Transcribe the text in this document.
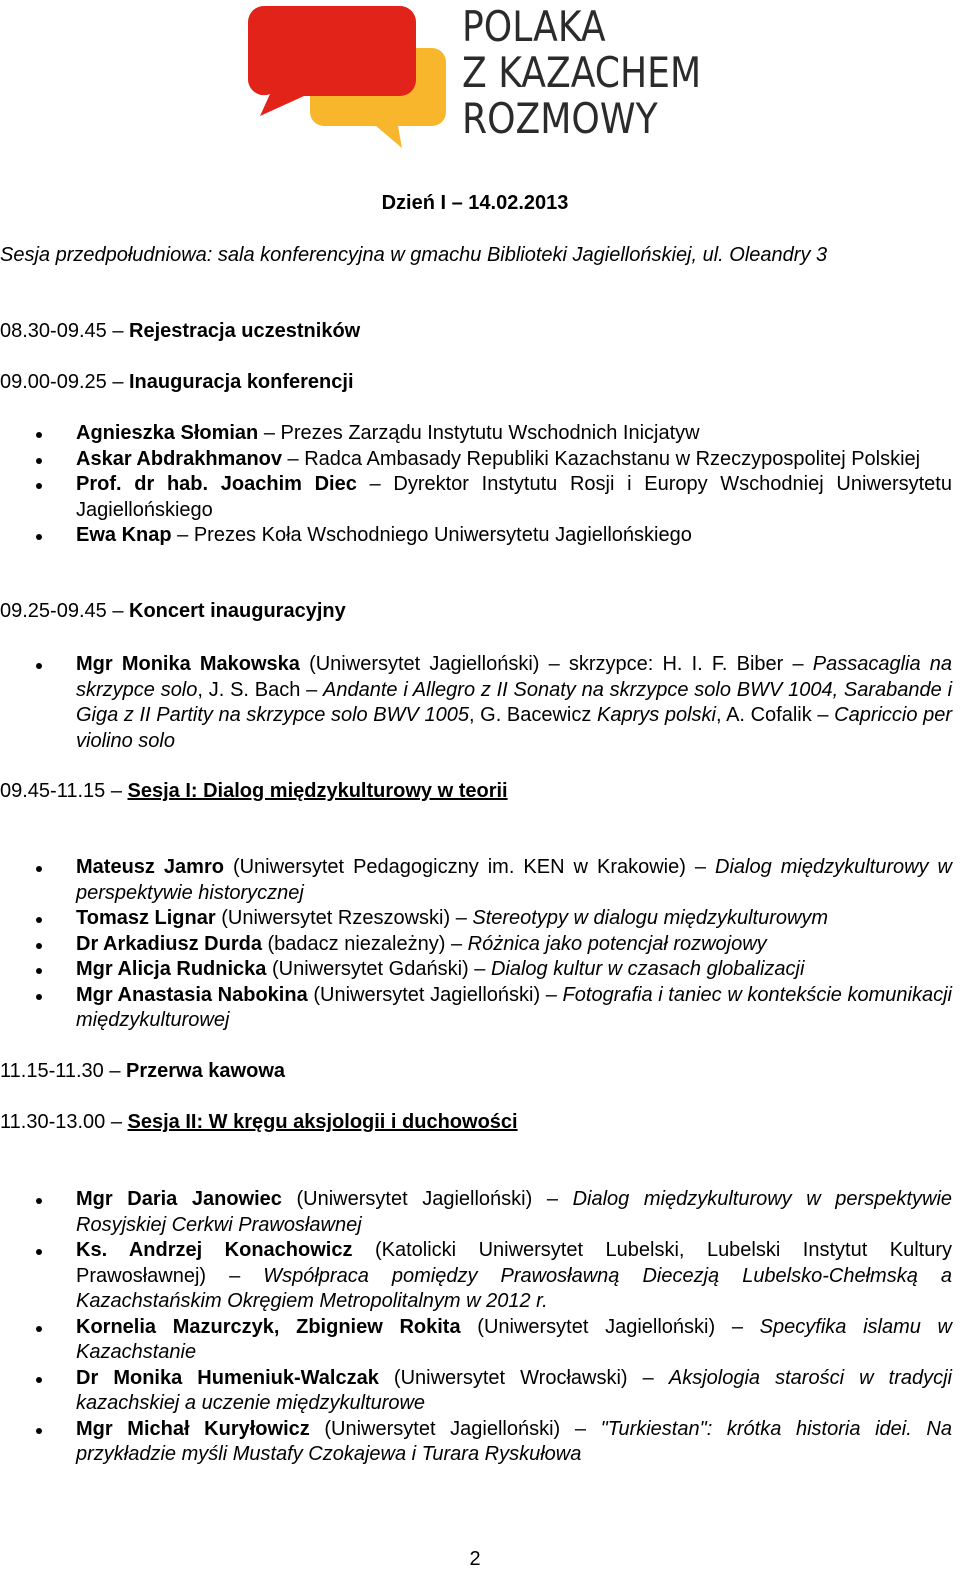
POLAKA
Z KAZACHEM
ROZMOWY
Dzień I – 14.02.2013
Sesja przedpołudniowa: sala konferencyjna w gmachu Biblioteki Jagiellońskiej, ul. Oleandry 3
08.30-09.45 – Rejestracja uczestników
09.00-09.25 – Inauguracja konferencji
Agnieszka Słomian – Prezes Zarządu Instytutu Wschodnich Inicjatyw
Askar Abdrakhmanov – Radca Ambasady Republiki Kazachstanu w Rzeczypospolitej Polskiej
Prof. dr hab. Joachim Diec – Dyrektor Instytutu Rosji i Europy Wschodniej Uniwersytetu Jagiellońskiego
Ewa Knap – Prezes Koła Wschodniego Uniwersytetu Jagiellońskiego
09.25-09.45 – Koncert inauguracyjny
Mgr Monika Makowska (Uniwersytet Jagielloński) – skrzypce: H. I. F. Biber – Passacaglia na skrzypce solo, J. S. Bach – Andante i Allegro z II Sonaty na skrzypce solo BWV 1004, Sarabande i Giga z II Partity na skrzypce solo BWV 1005, G. Bacewicz Kaprys polski, A. Cofalik – Capriccio per violino solo
09.45-11.15 – Sesja I: Dialog międzykulturowy w teorii
Mateusz Jamro (Uniwersytet Pedagogiczny im. KEN w Krakowie) – Dialog międzykulturowy w perspektywie historycznej
Tomasz Lignar (Uniwersytet Rzeszowski) – Stereotypy w dialogu międzykulturowym
Dr Arkadiusz Durda (badacz niezależny) – Różnica jako potencjał rozwojowy
Mgr Alicja Rudnicka (Uniwersytet Gdański) – Dialog kultur w czasach globalizacji
Mgr Anastasia Nabokina (Uniwersytet Jagielloński) – Fotografia i taniec w kontekście komunikacji międzykulturowej
11.15-11.30 – Przerwa kawowa
11.30-13.00 – Sesja II: W kręgu aksjologii i duchowości
Mgr Daria Janowiec (Uniwersytet Jagielloński) – Dialog międzykulturowy w perspektywie Rosyjskiej Cerkwi Prawosławnej
Ks. Andrzej Konachowicz (Katolicki Uniwersytet Lubelski, Lubelski Instytut Kultury Prawosławnej) – Współpraca pomiędzy Prawosławną Diecezją Lubelsko-Chełmską a Kazachstańskim Okręgiem Metropolitalnym w 2012 r.
Kornelia Mazurczyk, Zbigniew Rokita (Uniwersytet Jagielloński) – Specyfika islamu w Kazachstanie
Dr Monika Humeniuk-Walczak (Uniwersytet Wrocławski) – Aksjologia starości w tradycji kazachskiej a uczenie międzykulturowe
Mgr Michał Kuryłowicz (Uniwersytet Jagielloński) – "Turkiestan": krótka historia idei. Na przykładzie myśli Mustafy Czokajewa i Turara Ryskułowa
2
